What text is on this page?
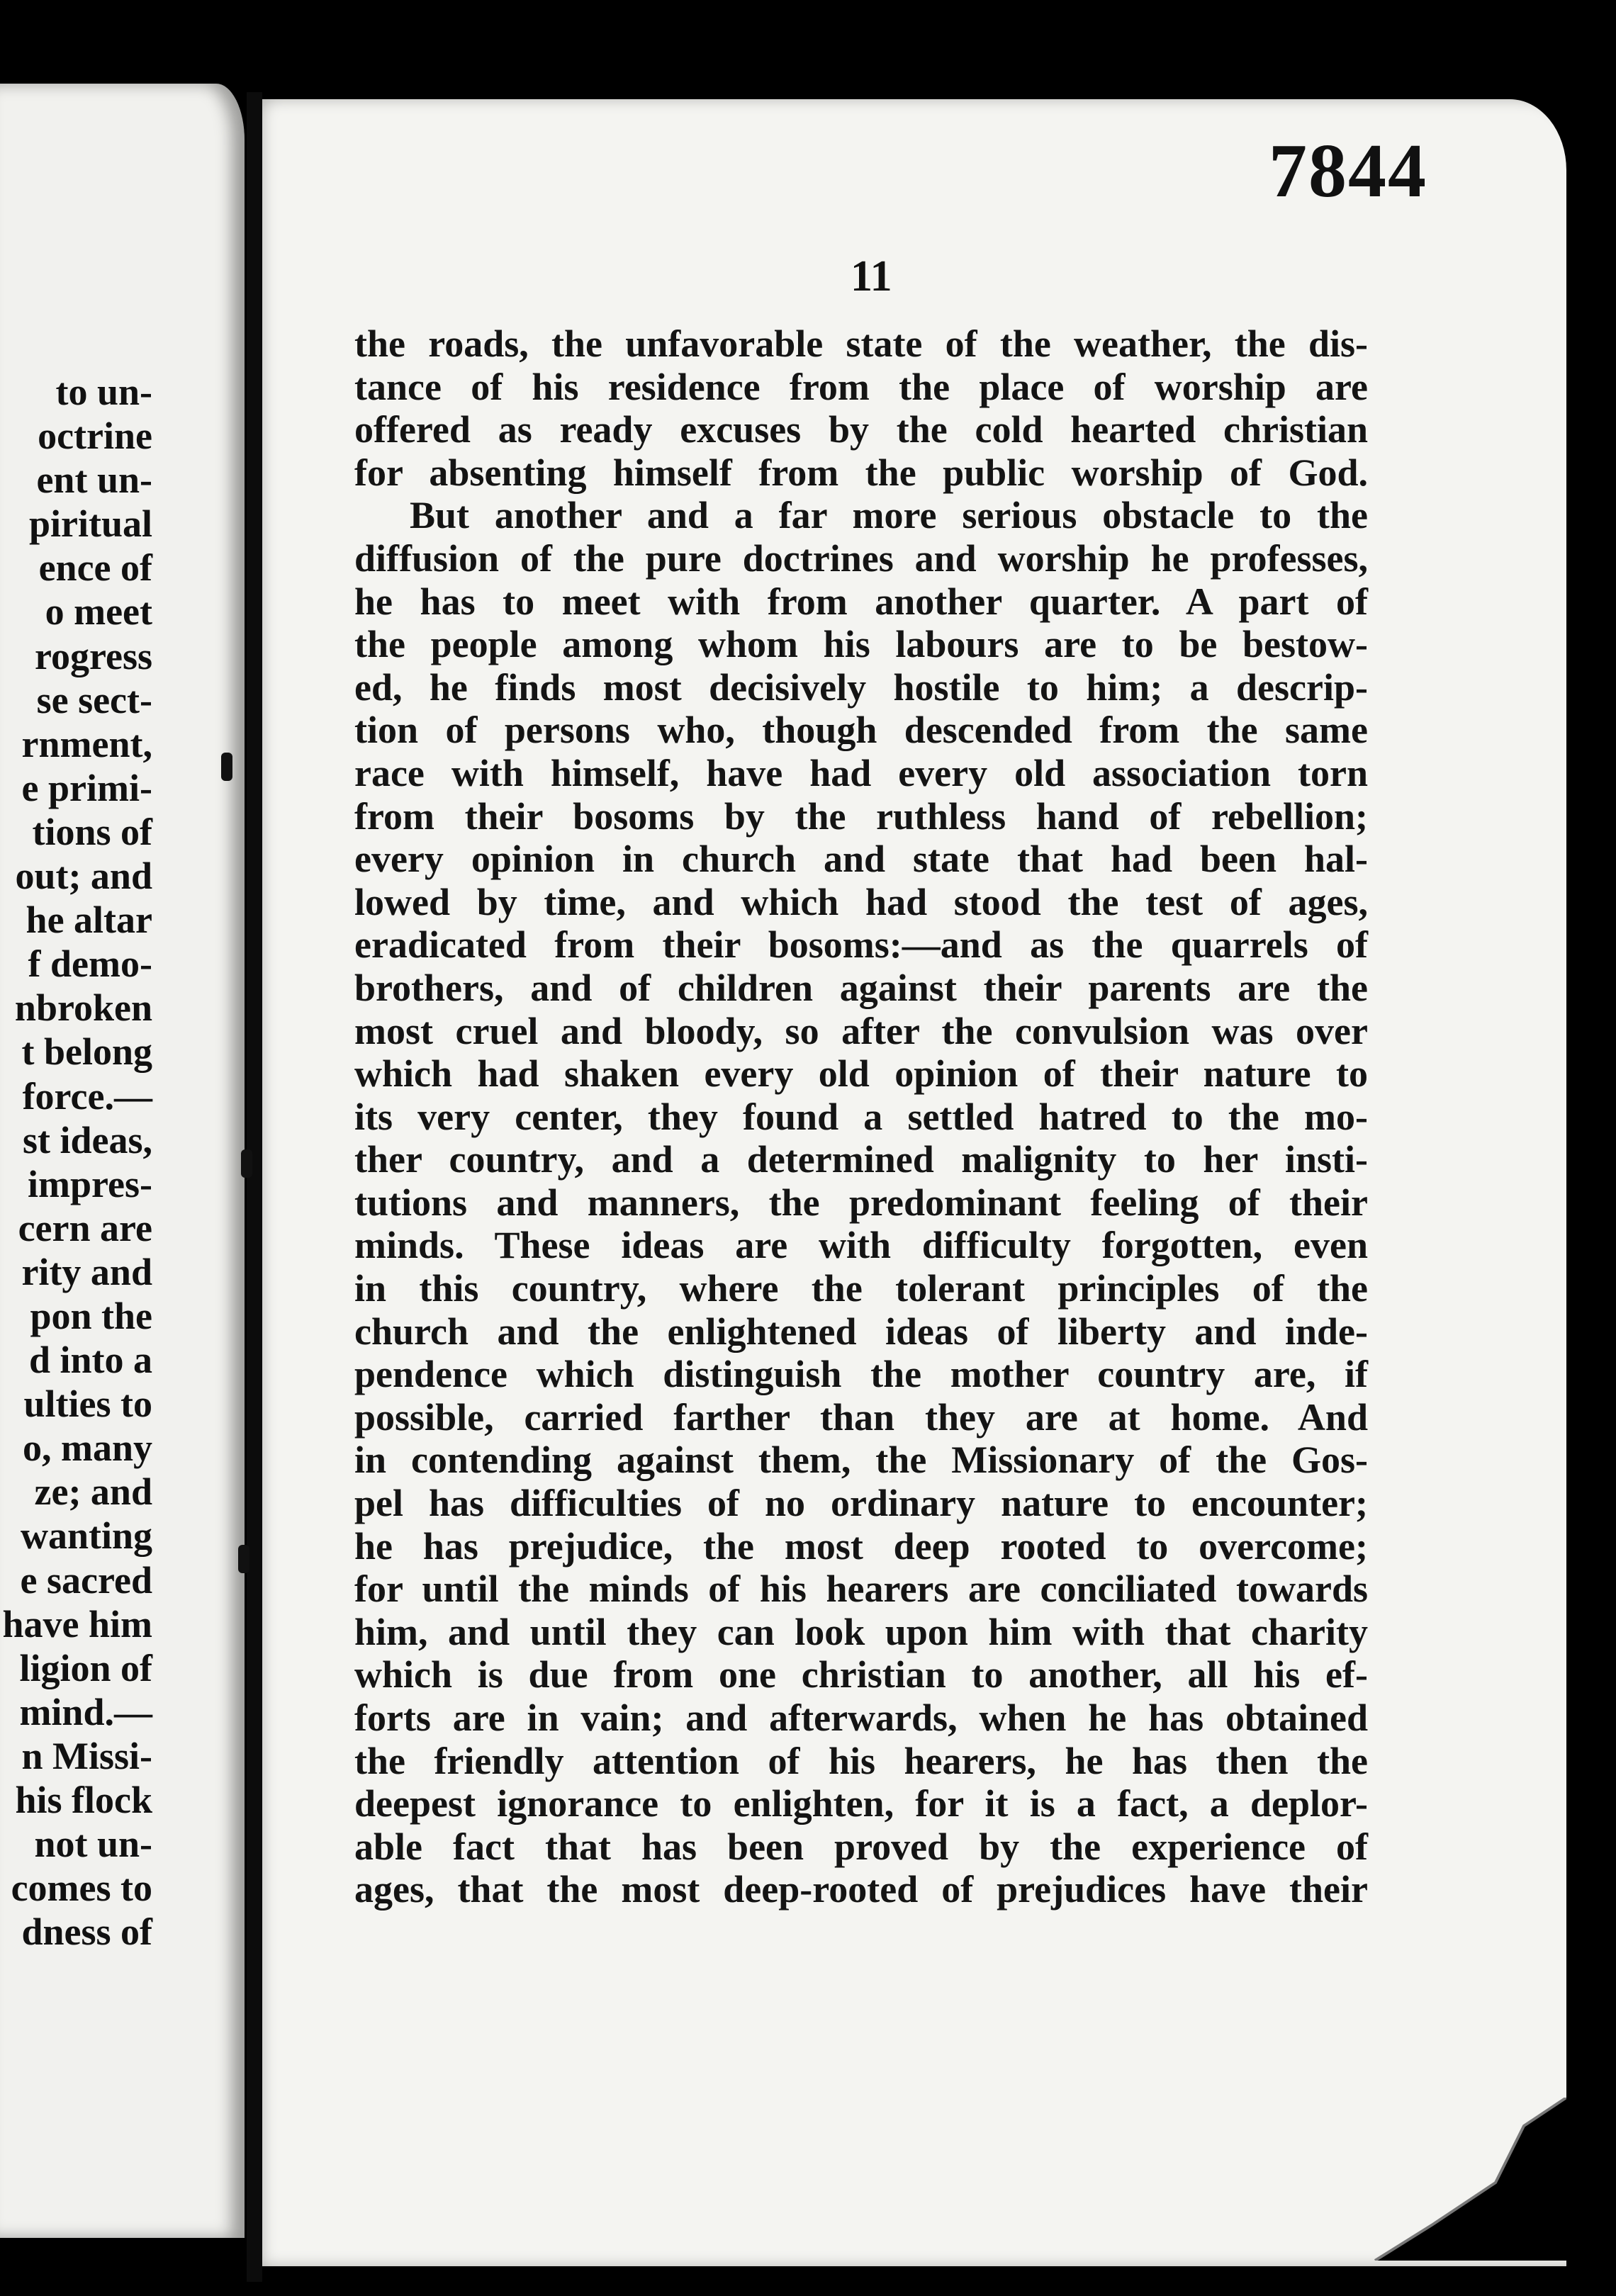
to un-
octrine
ent un-
piritual
ence of
o meet
rogress
se sect-
rnment,
e primi-
tions of
out; and
he altar
f demo-
nbroken
t belong
force.—
st ideas,
impres-
cern are
rity and
pon the
d into a
ulties to
o, many
ze; and
wanting
e sacred
have him
ligion of
mind.—
n Missi-
his flock
not un-
comes to
dness of
7844
11
the roads, the unfavorable state of the weather, the dis-
tance of his residence from the place of worship are
offered as ready excuses by the cold hearted christian
for absenting himself from the public worship of God.
But another and a far more serious obstacle to the
diffusion of the pure doctrines and worship he professes,
he has to meet with from another quarter. A part of
the people among whom his labours are to be bestow-
ed, he finds most decisively hostile to him; a descrip-
tion of persons who, though descended from the same
race with himself, have had every old association torn
from their bosoms by the ruthless hand of rebellion;
every opinion in church and state that had been hal-
lowed by time, and which had stood the test of ages,
eradicated from their bosoms:—and as the quarrels of
brothers, and of children against their parents are the
most cruel and bloody, so after the convulsion was over
which had shaken every old opinion of their nature to
its very center, they found a settled hatred to the mo-
ther country, and a determined malignity to her insti-
tutions and manners, the predominant feeling of their
minds. These ideas are with difficulty forgotten, even
in this country, where the tolerant principles of the
church and the enlightened ideas of liberty and inde-
pendence which distinguish the mother country are, if
possible, carried farther than they are at home. And
in contending against them, the Missionary of the Gos-
pel has difficulties of no ordinary nature to encounter;
he has prejudice, the most deep rooted to overcome;
for until the minds of his hearers are conciliated towards
him, and until they can look upon him with that charity
which is due from one christian to another, all his ef-
forts are in vain; and afterwards, when he has obtained
the friendly attention of his hearers, he has then the
deepest ignorance to enlighten, for it is a fact, a deplor-
able fact that has been proved by the experience of
ages, that the most deep-rooted of prejudices have their
